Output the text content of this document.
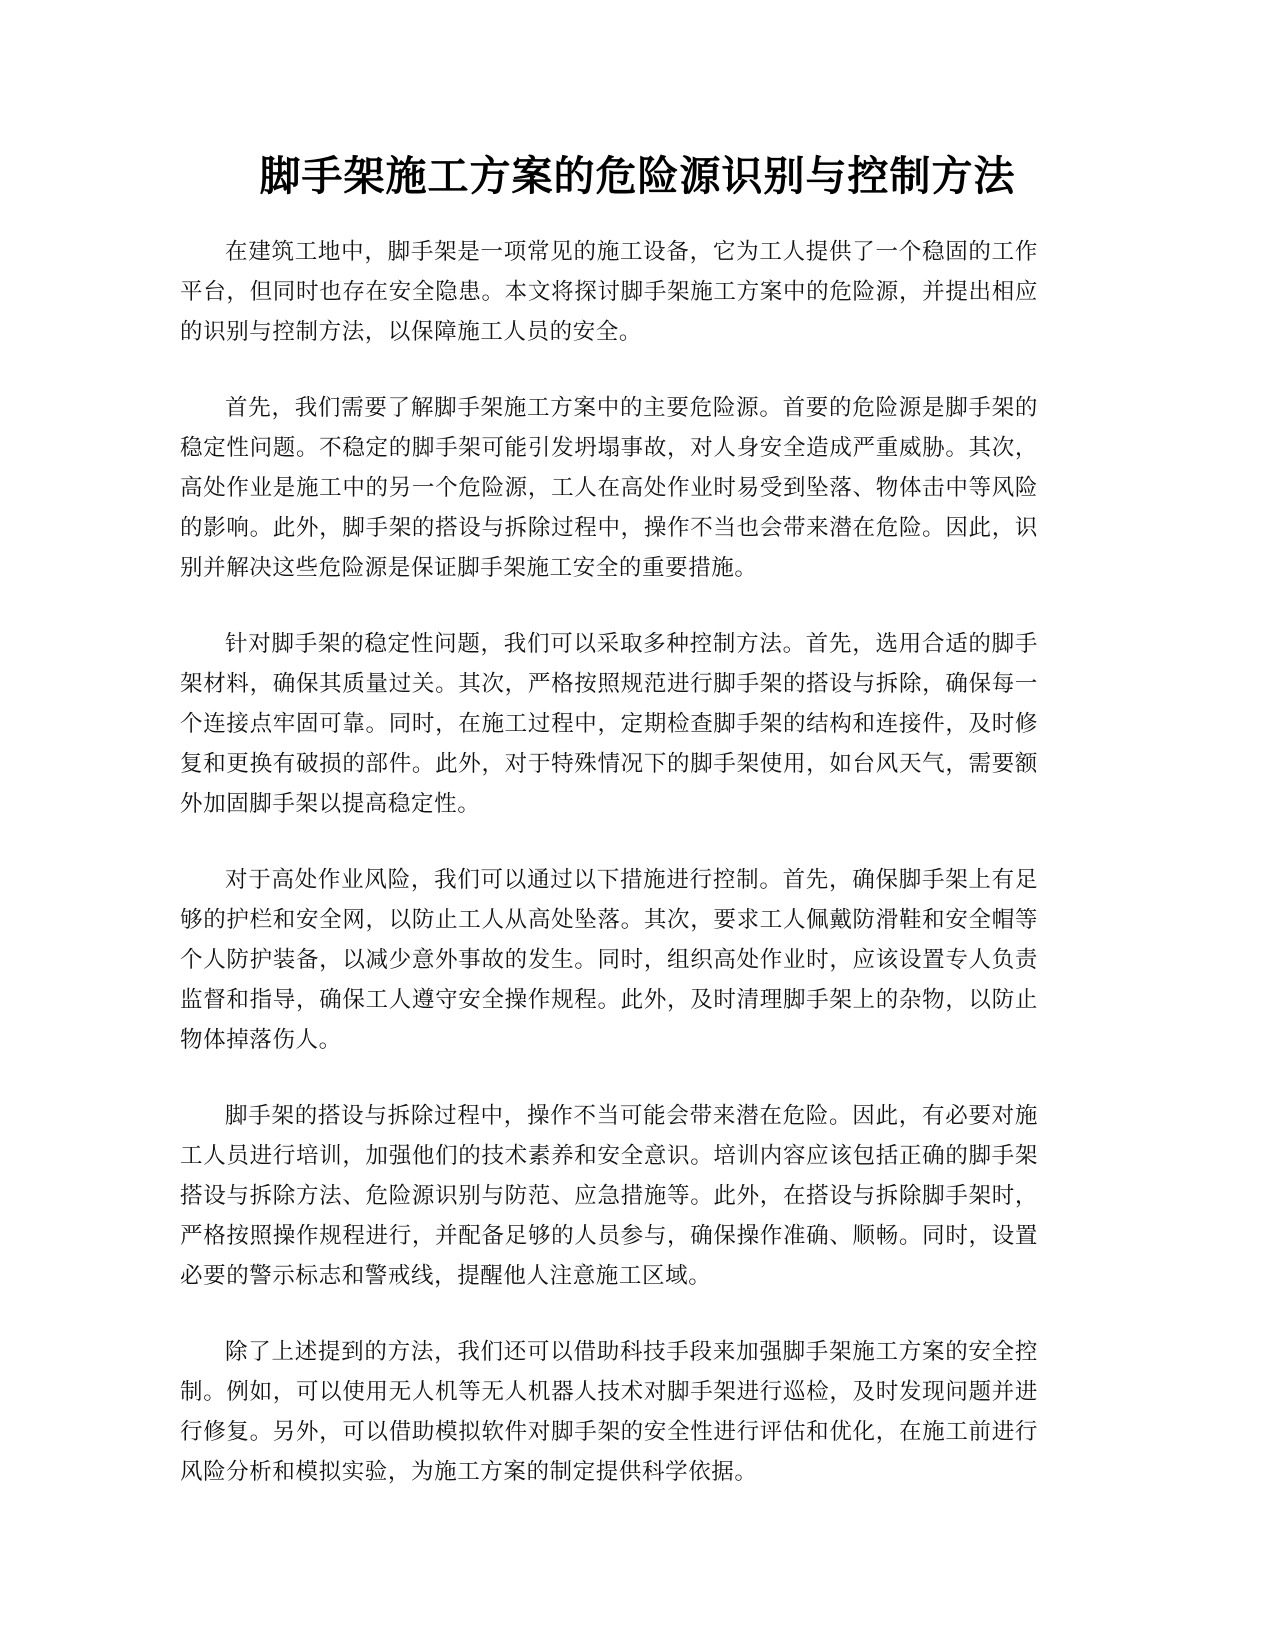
脚手架施工方案的危险源识别与控制方法

在建筑工地中，脚手架是一项常见的施工设备，它为工人提供了一个稳固的工作平台，但同时也存在安全隐患。本文将探讨脚手架施工方案中的危险源，并提出相应的识别与控制方法，以保障施工人员的安全。

首先，我们需要了解脚手架施工方案中的主要危险源。首要的危险源是脚手架的稳定性问题。不稳定的脚手架可能引发坍塌事故，对人身安全造成严重威胁。其次，高处作业是施工中的另一个危险源，工人在高处作业时易受到坠落、物体击中等风险的影响。此外，脚手架的搭设与拆除过程中，操作不当也会带来潜在危险。因此，识别并解决这些危险源是保证脚手架施工安全的重要措施。

针对脚手架的稳定性问题，我们可以采取多种控制方法。首先，选用合适的脚手架材料，确保其质量过关。其次，严格按照规范进行脚手架的搭设与拆除，确保每一个连接点牢固可靠。同时，在施工过程中，定期检查脚手架的结构和连接件，及时修复和更换有破损的部件。此外，对于特殊情况下的脚手架使用，如台风天气，需要额外加固脚手架以提高稳定性。

对于高处作业风险，我们可以通过以下措施进行控制。首先，确保脚手架上有足够的护栏和安全网，以防止工人从高处坠落。其次，要求工人佩戴防滑鞋和安全帽等个人防护装备，以减少意外事故的发生。同时，组织高处作业时，应该设置专人负责监督和指导，确保工人遵守安全操作规程。此外，及时清理脚手架上的杂物，以防止物体掉落伤人。

脚手架的搭设与拆除过程中，操作不当可能会带来潜在危险。因此，有必要对施工人员进行培训，加强他们的技术素养和安全意识。培训内容应该包括正确的脚手架搭设与拆除方法、危险源识别与防范、应急措施等。此外，在搭设与拆除脚手架时，严格按照操作规程进行，并配备足够的人员参与，确保操作准确、顺畅。同时，设置必要的警示标志和警戒线，提醒他人注意施工区域。

除了上述提到的方法，我们还可以借助科技手段来加强脚手架施工方案的安全控制。例如，可以使用无人机等无人机器人技术对脚手架进行巡检，及时发现问题并进行修复。另外，可以借助模拟软件对脚手架的安全性进行评估和优化，在施工前进行风险分析和模拟实验，为施工方案的制定提供科学依据。
